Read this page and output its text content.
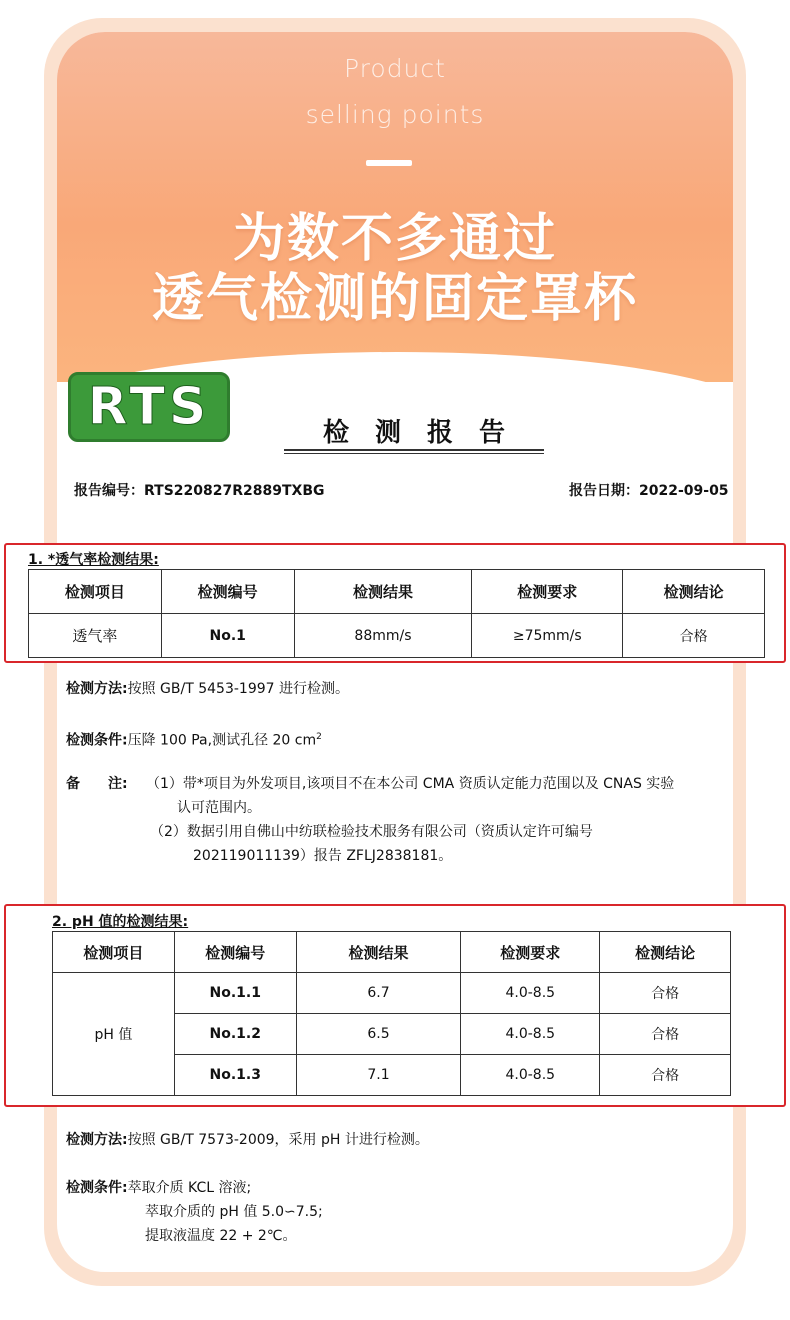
Product
selling points
为数不多通过
透气检测的固定罩杯
RTS	检测报告
报告编号：RTS220827R2889TXBG	报告日期：2022-09-05
1. *透气率检测结果:
检测项目	检测编号	检测结果	检测要求	检测结论
透气率	No.1	88mm/s	≥75mm/s	合格
检测方法:按照 GB/T 5453-1997 进行检测。
检测条件:压降 100 Pa,测试孔径 20 $cm^2$
备　　注: （1）带*项目为外发项目,该项目不在本公司 CMA 资质认定能力范围以及 CNAS 实验
认可范围内。
（2）数据引用自佛山中纺联检验技术服务有限公司（资质认定许可编号
202119011139）报告 ZFLJ2838181。
2. pH 值的检测结果:
检测项目	检测编号	检测结果	检测要求	检测结论
pH 值	No.1.1	6.7	4.0-8.5	合格
	No.1.2	6.5	4.0-8.5	合格
	No.1.3	7.1	4.0-8.5	合格
检测方法:按照 GB/T 7573-2009，采用 pH 计进行检测。
检测条件:萃取介质 KCL 溶液;
萃取介质的 pH 值 5.0∽7.5;
提取液温度 22 + 2℃。
